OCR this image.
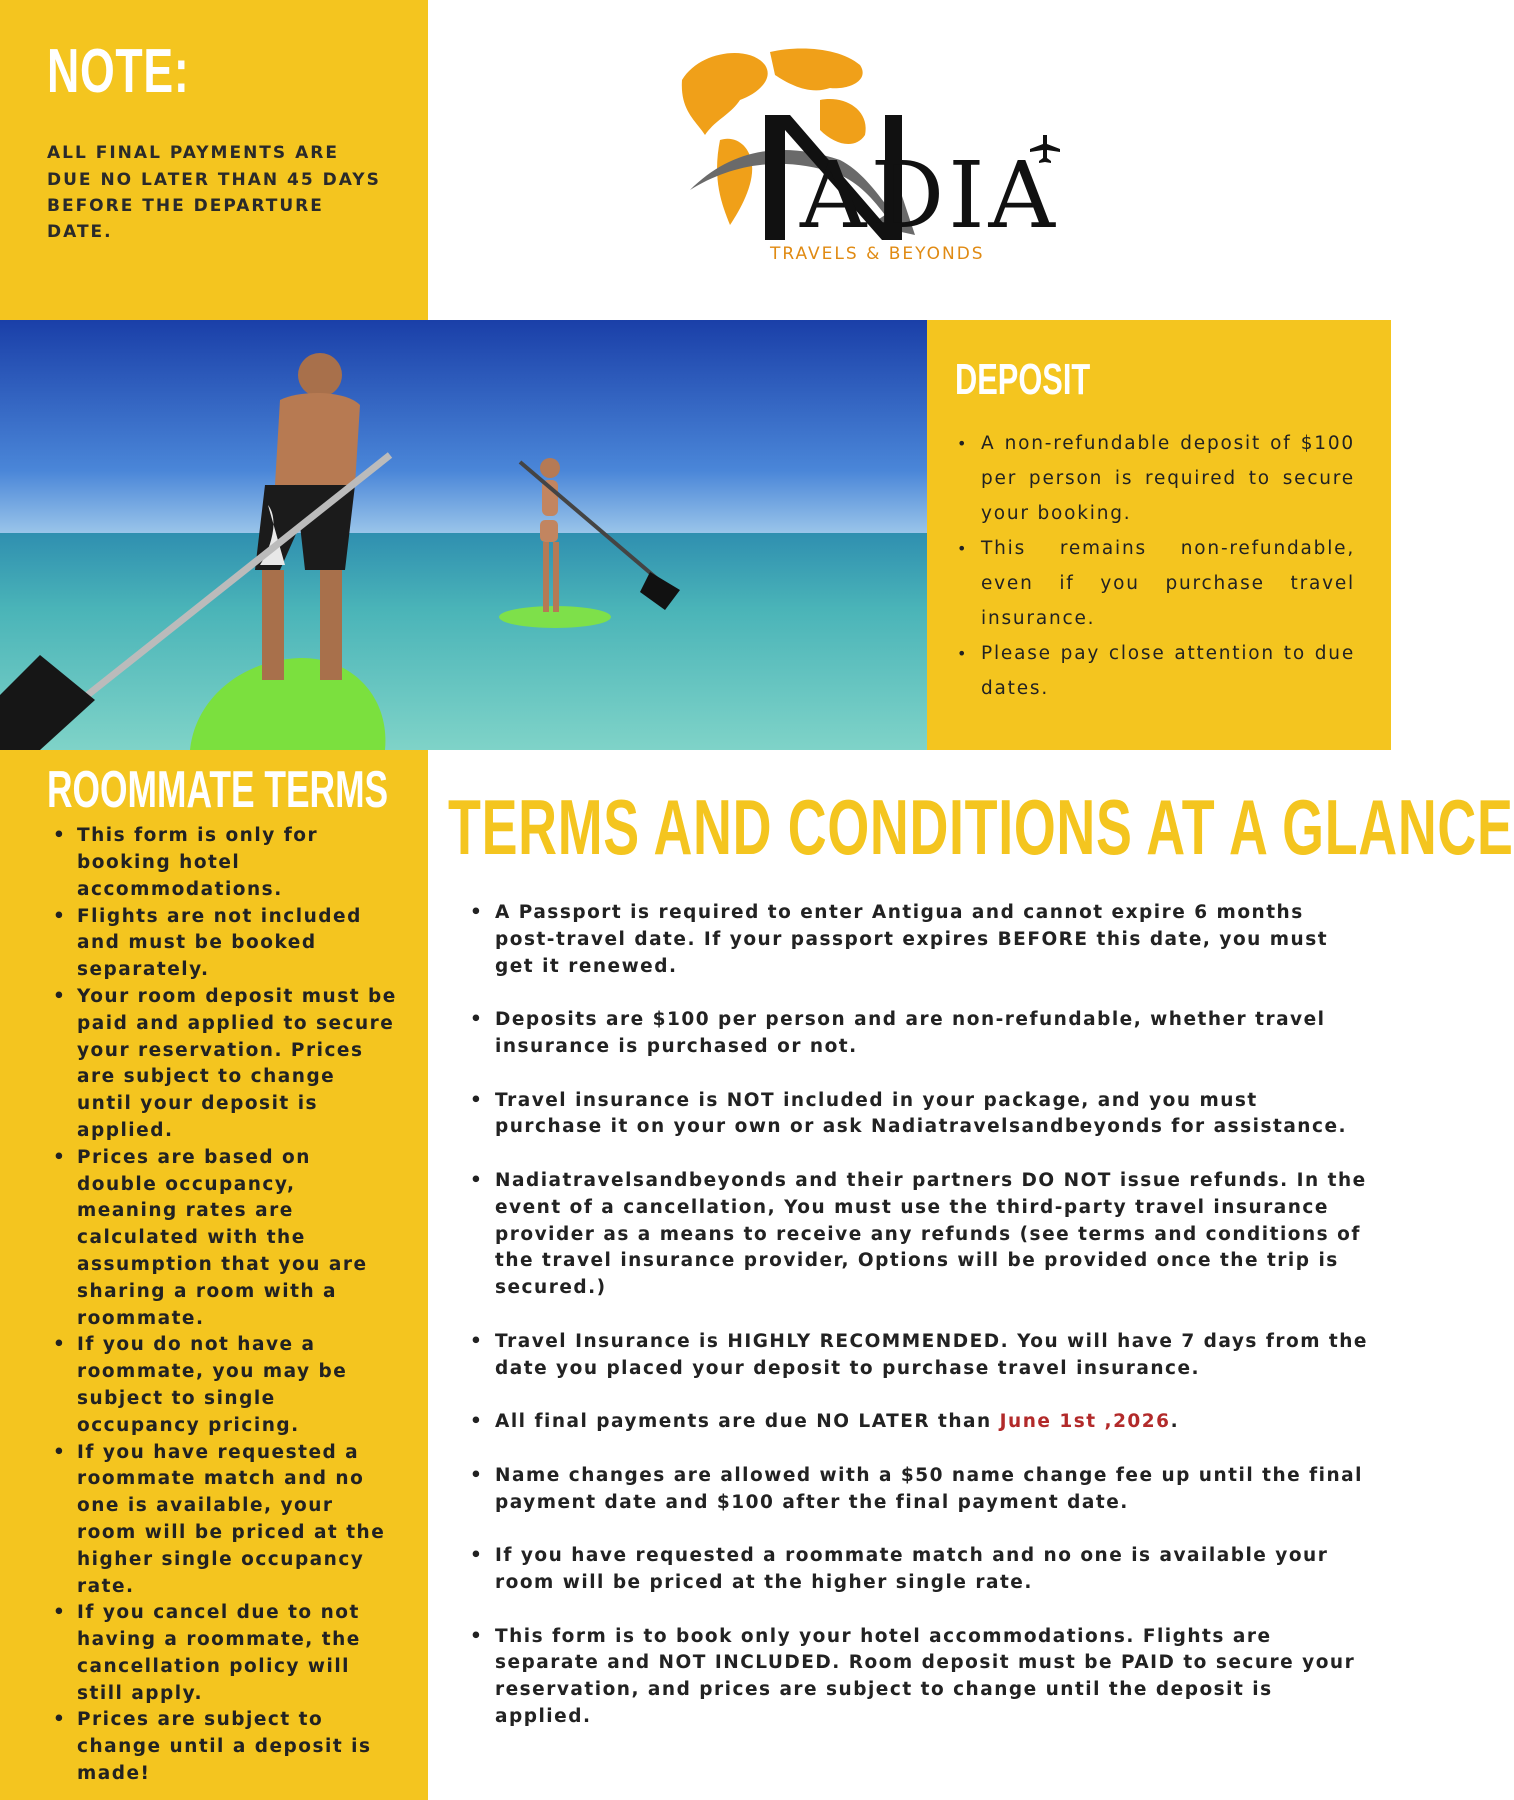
NOTE:
ALL FINAL PAYMENTS ARE DUE NO LATER THAN 45 DAYS BEFORE THE DEPARTURE DATE.	ADIA
TRAVELS & BEYONDS
DEPOSIT
• A non-refundable deposit of $100 per person is required to secure your booking.
• This remains non-refundable, even if you purchase travel insurance.
• Please pay close attention to due dates.
ROOMMATE TERMS
• This form is only for booking hotel accommodations.
• Flights are not included and must be booked separately.
• Your room deposit must be paid and applied to secure your reservation. Prices are subject to change until your deposit is applied.
• Prices are based on double occupancy, meaning rates are calculated with the assumption that you are sharing a room with a roommate.
• If you do not have a roommate, you may be subject to single occupancy pricing.
• If you have requested a roommate match and no one is available, your room will be priced at the higher single occupancy rate.
• If you cancel due to not having a roommate, the cancellation policy will still apply.
• Prices are subject to change until a deposit is made!
TERMS AND CONDITIONS AT A GLANCE
• A Passport is required to enter Antigua and cannot expire 6 months post-travel date. If your passport expires BEFORE this date, you must get it renewed.
• Deposits are $100 per person and are non-refundable, whether travel insurance is purchased or not.
• Travel insurance is NOT included in your package, and you must purchase it on your own or ask Nadiatravelsandbeyonds for assistance.
• Nadiatravelsandbeyonds and their partners DO NOT issue refunds. In the event of a cancellation, You must use the third-party travel insurance provider as a means to receive any refunds (see terms and conditions of the travel insurance provider, Options will be provided once the trip is secured.)
• Travel Insurance is HIGHLY RECOMMENDED. You will have 7 days from the date you placed your deposit to purchase travel insurance.
• All final payments are due NO LATER than June 1st ,2026.
• Name changes are allowed with a $50 name change fee up until the final payment date and $100 after the final payment date.
• If you have requested a roommate match and no one is available your room will be priced at the higher single rate.
• This form is to book only your hotel accommodations. Flights are separate and NOT INCLUDED. Room deposit must be PAID to secure your reservation, and prices are subject to change until the deposit is applied.
